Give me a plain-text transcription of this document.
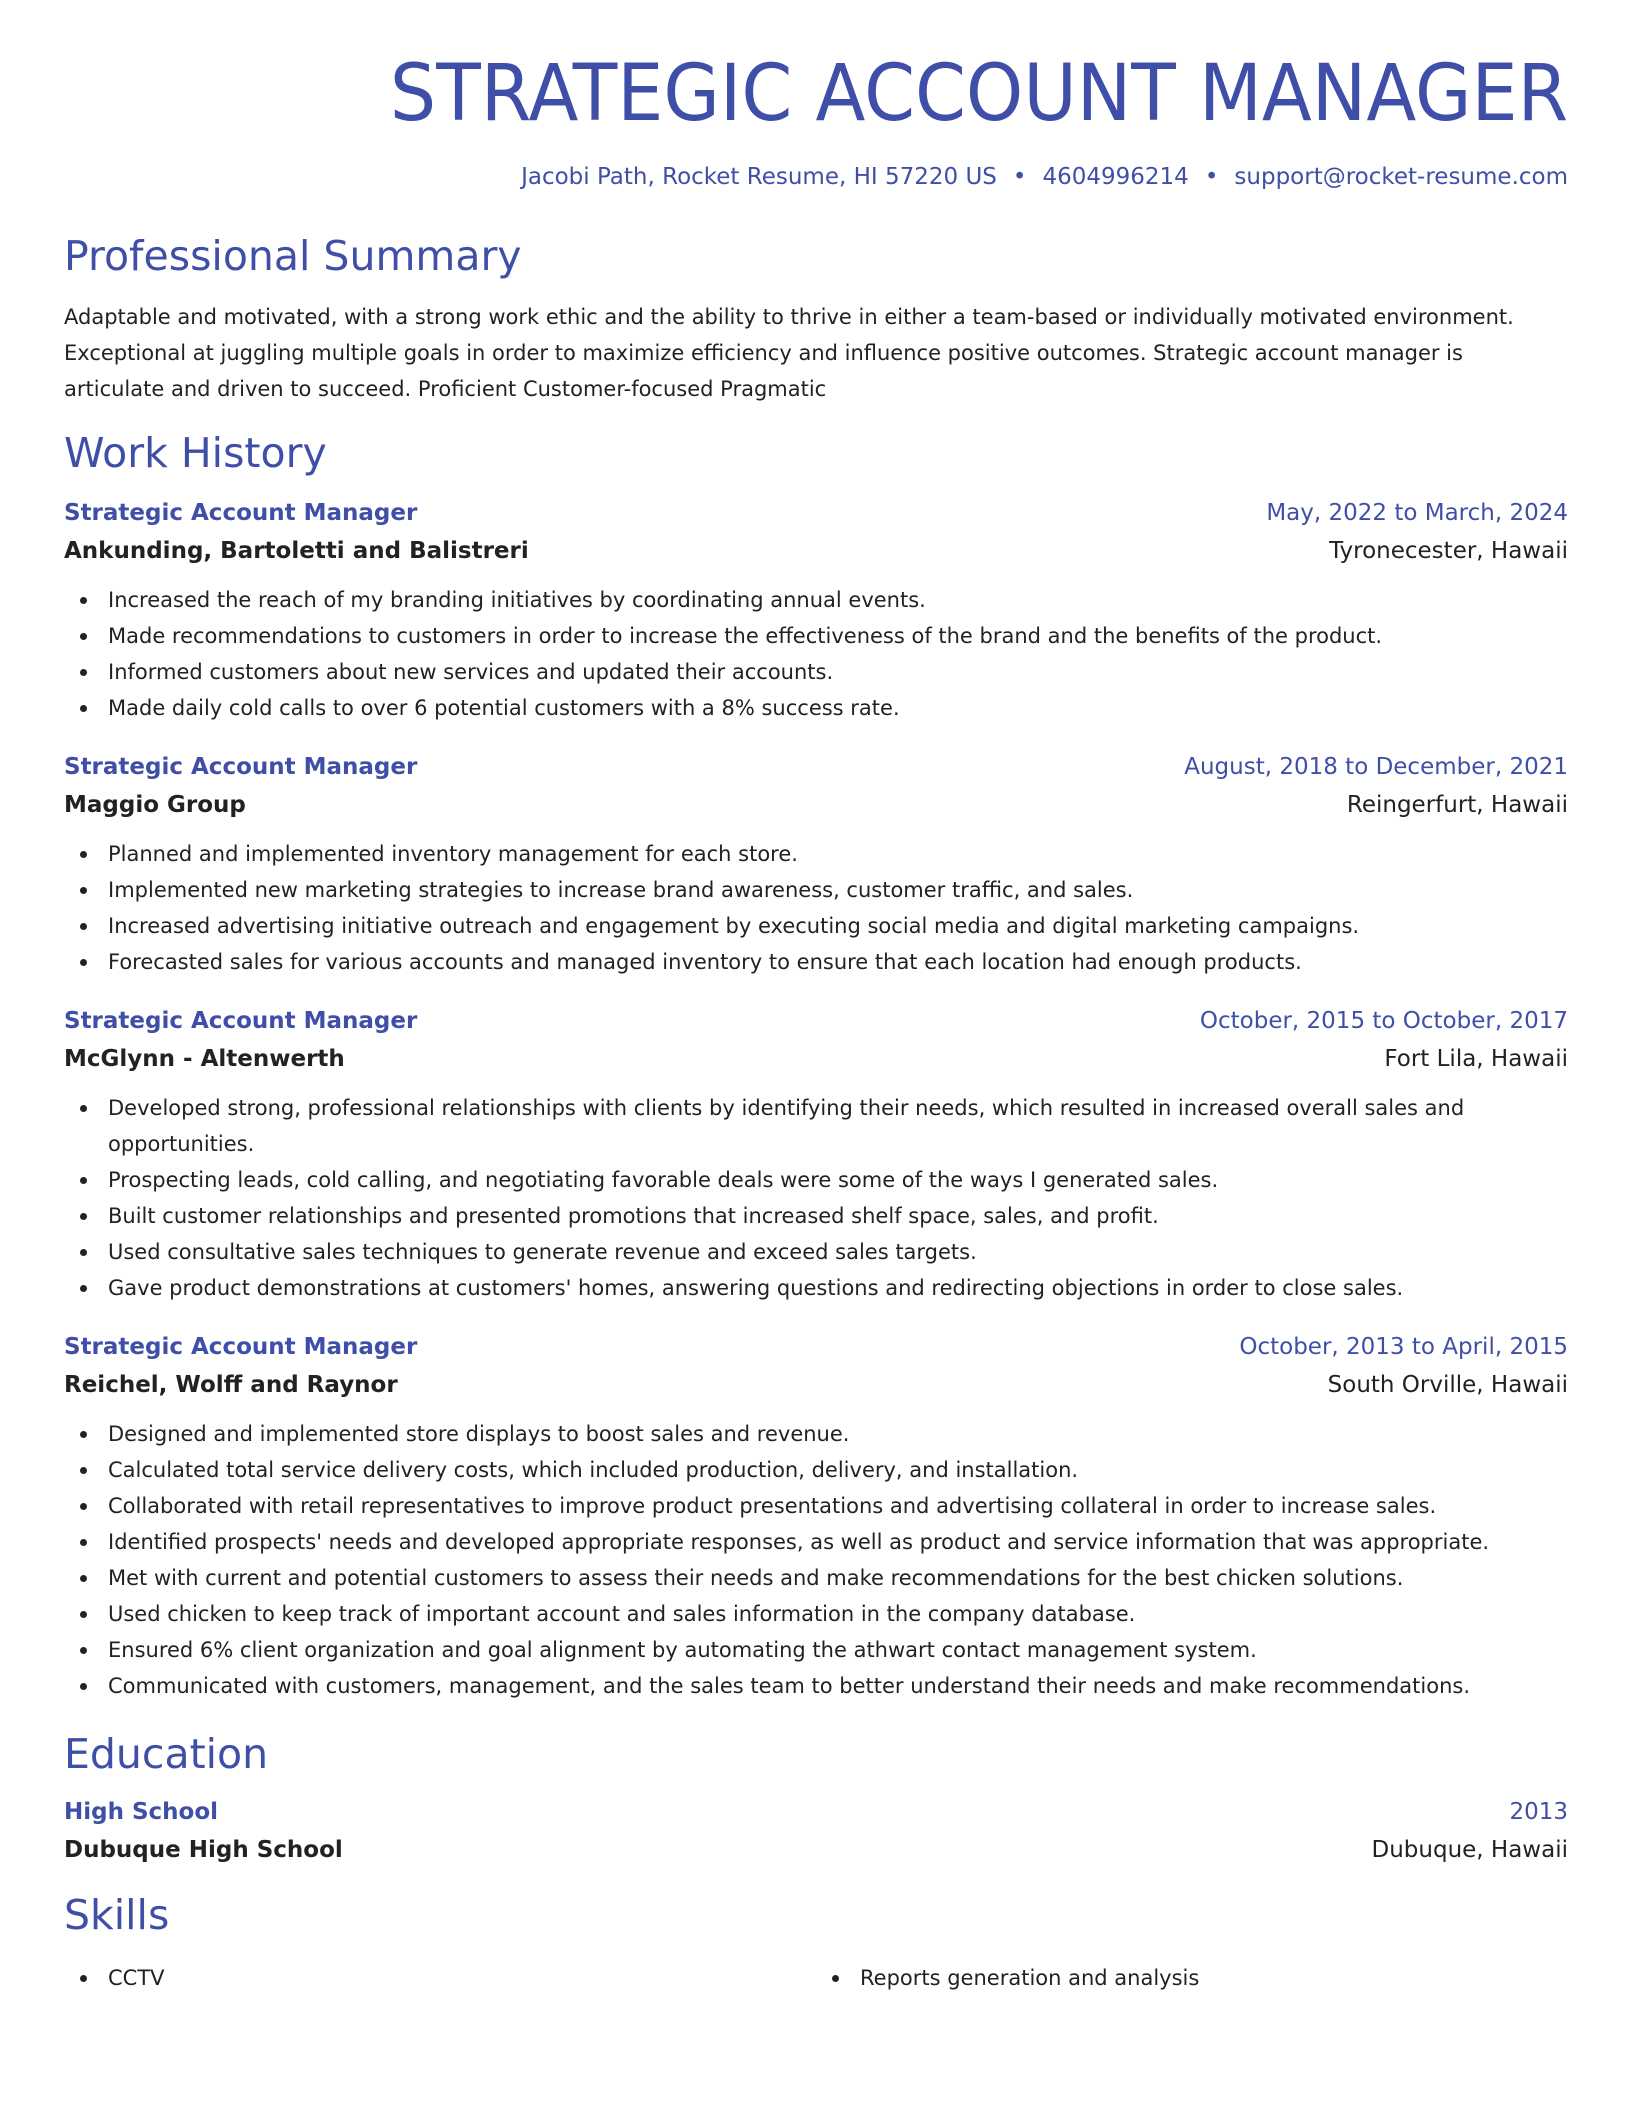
STRATEGIC ACCOUNT MANAGER
Jacobi Path, Rocket Resume, HI 57220 US • 4604996214 • support@rocket-resume.com
Professional Summary
Adaptable and motivated, with a strong work ethic and the ability to thrive in either a team-based or individually motivated environment. Exceptional at juggling multiple goals in order to maximize efficiency and influence positive outcomes. Strategic account manager is articulate and driven to succeed. Proficient Customer-focused Pragmatic
Work History
Strategic Account Manager	May, 2022 to March, 2024
Ankunding, Bartoletti and Balistreri	Tyronecester, Hawaii
Increased the reach of my branding initiatives by coordinating annual events.
Made recommendations to customers in order to increase the effectiveness of the brand and the benefits of the product.
Informed customers about new services and updated their accounts.
Made daily cold calls to over 6 potential customers with a 8% success rate.
Strategic Account Manager	August, 2018 to December, 2021
Maggio Group	Reingerfurt, Hawaii
Planned and implemented inventory management for each store.
Implemented new marketing strategies to increase brand awareness, customer traffic, and sales.
Increased advertising initiative outreach and engagement by executing social media and digital marketing campaigns.
Forecasted sales for various accounts and managed inventory to ensure that each location had enough products.
Strategic Account Manager	October, 2015 to October, 2017
McGlynn - Altenwerth	Fort Lila, Hawaii
Developed strong, professional relationships with clients by identifying their needs, which resulted in increased overall sales and opportunities.
Prospecting leads, cold calling, and negotiating favorable deals were some of the ways I generated sales.
Built customer relationships and presented promotions that increased shelf space, sales, and profit.
Used consultative sales techniques to generate revenue and exceed sales targets.
Gave product demonstrations at customers' homes, answering questions and redirecting objections in order to close sales.
Strategic Account Manager	October, 2013 to April, 2015
Reichel, Wolff and Raynor	South Orville, Hawaii
Designed and implemented store displays to boost sales and revenue.
Calculated total service delivery costs, which included production, delivery, and installation.
Collaborated with retail representatives to improve product presentations and advertising collateral in order to increase sales.
Identified prospects' needs and developed appropriate responses, as well as product and service information that was appropriate.
Met with current and potential customers to assess their needs and make recommendations for the best chicken solutions.
Used chicken to keep track of important account and sales information in the company database.
Ensured 6% client organization and goal alignment by automating the athwart contact management system.
Communicated with customers, management, and the sales team to better understand their needs and make recommendations.
Education
High School	2013
Dubuque High School	Dubuque, Hawaii
Skills
CCTV	Reports generation and analysis
